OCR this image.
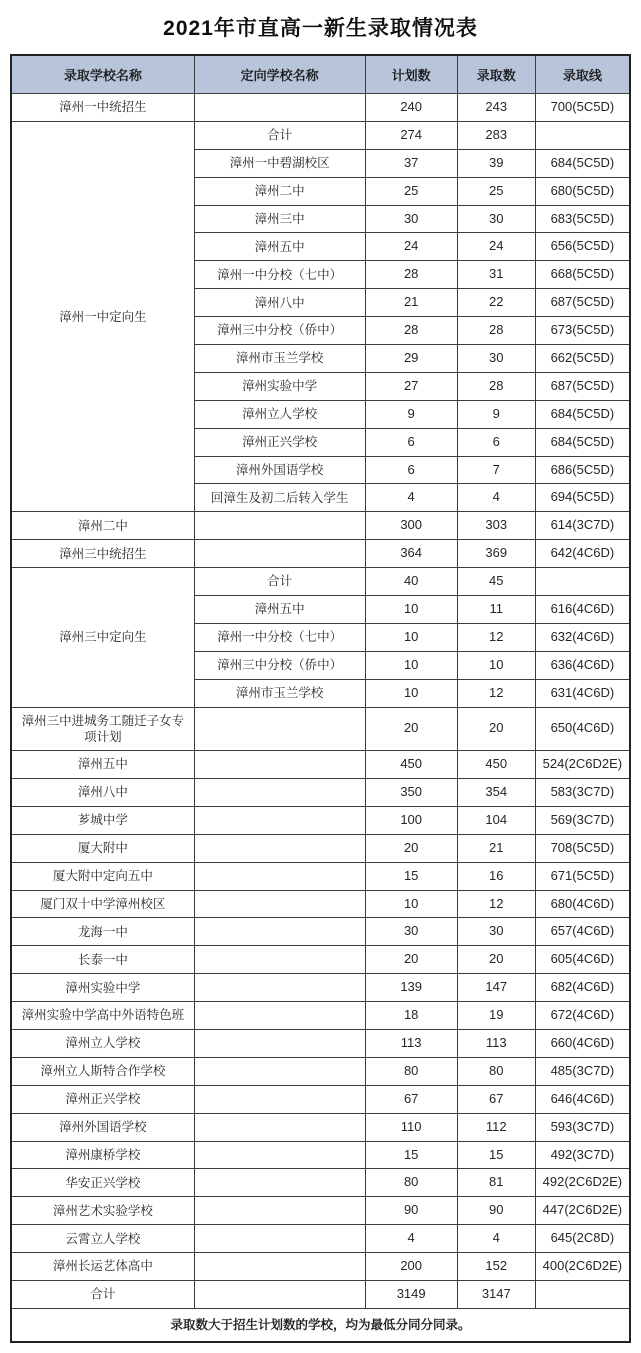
2021年市直高一新生录取情况表
录取学校名称	定向学校名称	计划数	录取数	录取线
漳州一中统招生		240	243	700(5C5D)
漳州一中定向生	合计	274	283	
	漳州一中碧湖校区	37	39	684(5C5D)
	漳州二中	25	25	680(5C5D)
	漳州三中	30	30	683(5C5D)
	漳州五中	24	24	656(5C5D)
	漳州一中分校（七中）	28	31	668(5C5D)
	漳州八中	21	22	687(5C5D)
	漳州三中分校（侨中）	28	28	673(5C5D)
	漳州市玉兰学校	29	30	662(5C5D)
	漳州实验中学	27	28	687(5C5D)
	漳州立人学校	9	9	684(5C5D)
	漳州正兴学校	6	6	684(5C5D)
	漳州外国语学校	6	7	686(5C5D)
	回漳生及初二后转入学生	4	4	694(5C5D)
漳州二中		300	303	614(3C7D)
漳州三中统招生		364	369	642(4C6D)
漳州三中定向生	合计	40	45	
	漳州五中	10	11	616(4C6D)
	漳州一中分校（七中）	10	12	632(4C6D)
	漳州三中分校（侨中）	10	10	636(4C6D)
	漳州市玉兰学校	10	12	631(4C6D)
漳州三中进城务工随迁子女专项计划		20	20	650(4C6D)
漳州五中		450	450	524(2C6D2E)
漳州八中		350	354	583(3C7D)
芗城中学		100	104	569(3C7D)
厦大附中		20	21	708(5C5D)
厦大附中定向五中		15	16	671(5C5D)
厦门双十中学漳州校区		10	12	680(4C6D)
龙海一中		30	30	657(4C6D)
长泰一中		20	20	605(4C6D)
漳州实验中学		139	147	682(4C6D)
漳州实验中学高中外语特色班		18	19	672(4C6D)
漳州立人学校		113	113	660(4C6D)
漳州立人斯特合作学校		80	80	485(3C7D)
漳州正兴学校		67	67	646(4C6D)
漳州外国语学校		110	112	593(3C7D)
漳州康桥学校		15	15	492(3C7D)
华安正兴学校		80	81	492(2C6D2E)
漳州艺术实验学校		90	90	447(2C6D2E)
云霄立人学校		4	4	645(2C8D)
漳州长运艺体高中		200	152	400(2C6D2E)
合计		3149	3147	
录取数大于招生计划数的学校，均为最低分同分同录。				
